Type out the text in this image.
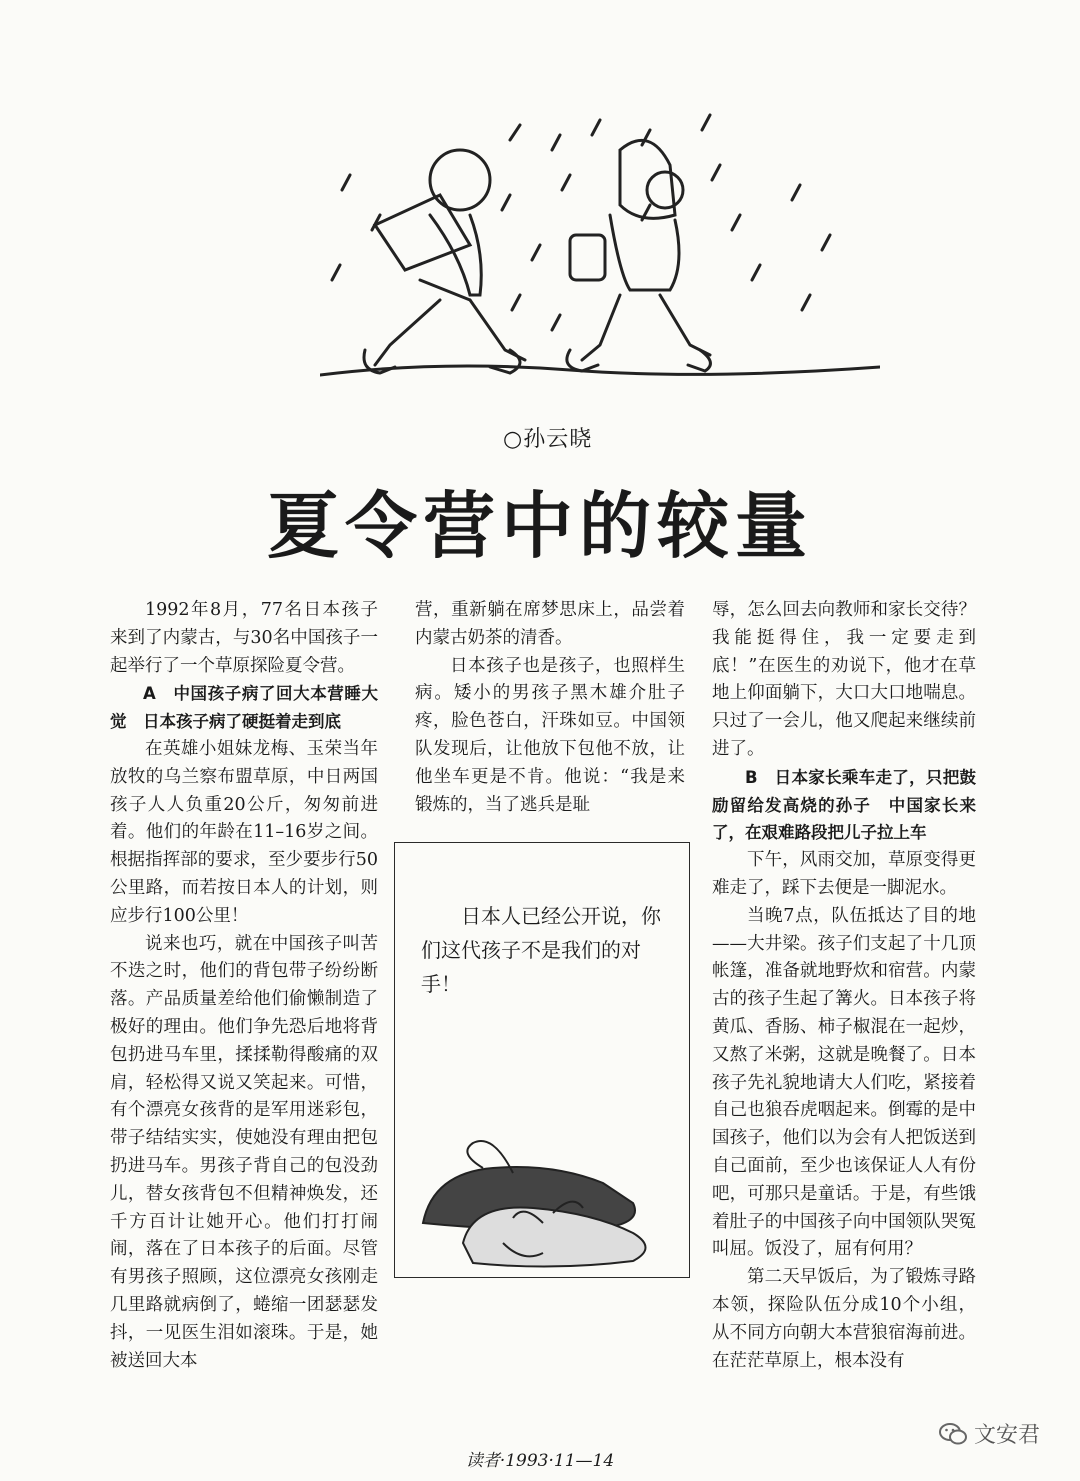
○孙云晓
夏令营中的较量

1992年8月，77名日本孩子来到了内蒙古，与30名中国孩子一起举行了一个草原探险夏令营。

A　中国孩子病了回大本营睡大觉　日本孩子病了硬挺着走到底

在英雄小姐妹龙梅、玉荣当年放牧的乌兰察布盟草原，中日两国孩子人人负重20公斤，匆匆前进着。他们的年龄在11–16岁之间。根据指挥部的要求，至少要步行50公里路，而若按日本人的计划，则应步行100公里！

说来也巧，就在中国孩子叫苦不迭之时，他们的背包带子纷纷断落。产品质量差给他们偷懒制造了极好的理由。他们争先恐后地将背包扔进马车里，揉揉勒得酸痛的双肩，轻松得又说又笑起来。可惜，有个漂亮女孩背的是军用迷彩包，带子结结实实，使她没有理由把包扔进马车。男孩子背自己的包没劲儿，替女孩背包不但精神焕发，还千方百计让她开心。他们打打闹闹，落在了日本孩子的后面。尽管有男孩子照顾，这位漂亮女孩刚走几里路就病倒了，蜷缩一团瑟瑟发抖，一见医生泪如滚珠。于是，她被送回大本

营，重新躺在席梦思床上，品尝着内蒙古奶茶的清香。

日本孩子也是孩子，也照样生病。矮小的男孩子黑木雄介肚子疼，脸色苍白，汗珠如豆。中国领队发现后，让他放下包他不放，让他坐车更是不肯。他说：“我是来锻炼的，当了逃兵是耻

日本人已经公开说，你们这代孩子不是我们的对手！

辱，怎么回去向教师和家长交待？我能挺得住，我一定要走到底！”在医生的劝说下，他才在草地上仰面躺下，大口大口地喘息。只过了一会儿，他又爬起来继续前进了。

B　日本家长乘车走了，只把鼓励留给发高烧的孙子　中国家长来了，在艰难路段把儿子拉上车

下午，风雨交加，草原变得更难走了，踩下去便是一脚泥水。

当晚7点，队伍抵达了目的地——大井梁。孩子们支起了十几顶帐篷，准备就地野炊和宿营。内蒙古的孩子生起了篝火。日本孩子将黄瓜、香肠、柿子椒混在一起炒，又熬了米粥，这就是晚餐了。日本孩子先礼貌地请大人们吃，紧接着自己也狼吞虎咽起来。倒霉的是中国孩子，他们以为会有人把饭送到自己面前，至少也该保证人人有份吧，可那只是童话。于是，有些饿着肚子的中国孩子向中国领队哭冤叫屈。饭没了，屈有何用？

第二天早饭后，为了锻炼寻路本领，探险队伍分成10个小组，从不同方向朝大本营狼宿海前进。在茫茫草原上，根本没有

读者·1993·11—14
文安君
